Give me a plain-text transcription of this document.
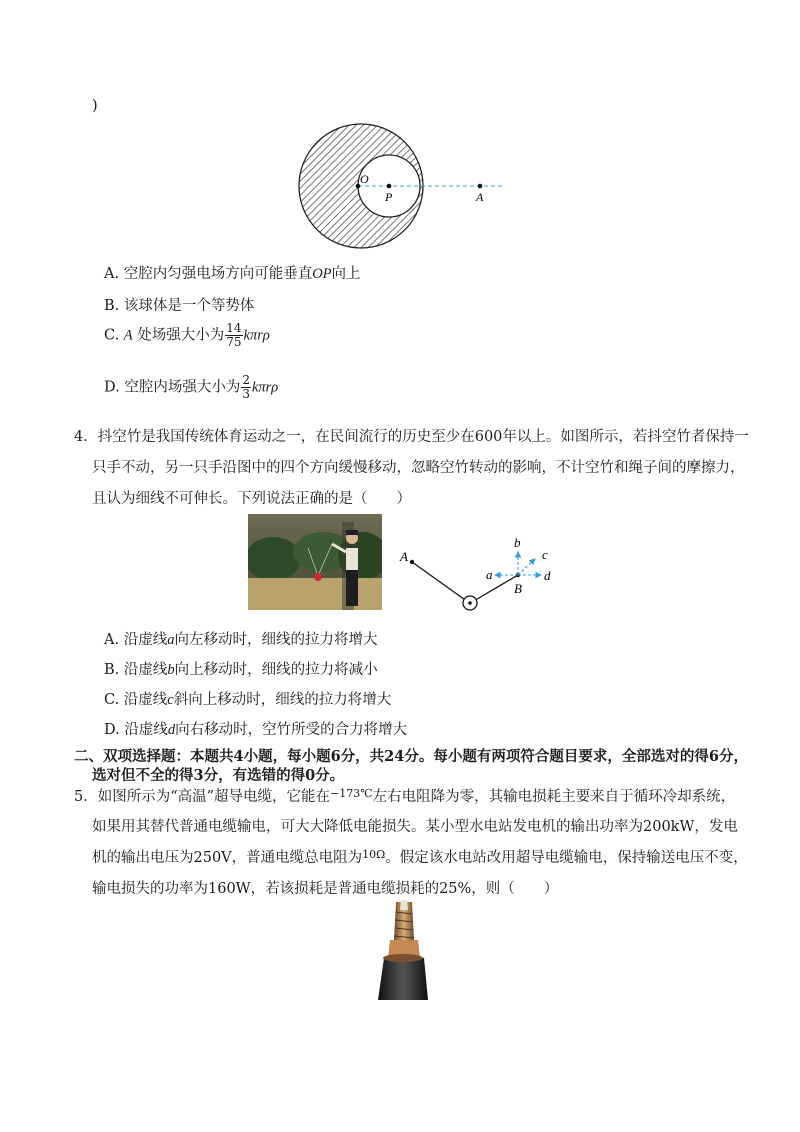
)
O
P	A
A. 空腔内匀强电场方向可能垂直OP向上
B. 该球体是一个等势体
C. A 处场强大小为 $\frac{14}{75}$ kπrρ
D. 空腔内场强大小为 $\frac{2}{3}$ kπrρ
4．抖空竹是我国传统体育运动之一，在民间流行的历史至少在600年以上。如图所示，若抖空竹者保持一
只手不动，另一只手沿图中的四个方向缓慢移动，忽略空竹转动的影响，不计空竹和绳子间的摩擦力，
且认为细线不可伸长。下列说法正确的是（　　）
A
B
a
b
c
d
A. 沿虚线a向左移动时，细线的拉力将增大
B. 沿虚线b向上移动时，细线的拉力将减小
C. 沿虚线c斜向上移动时，细线的拉力将增大
D. 沿虚线d向右移动时，空竹所受的合力将增大
二、双项选择题：本题共4小题，每小题6分，共24分。每小题有两项符合题目要求，全部选对的得6分，
选对但不全的得3分，有选错的得0分。
5．如图所示为“高温”超导电缆，它能在$^{-173℃}$左右电阻降为零，其输电损耗主要来自于循环冷却系统，
如果用其替代普通电缆输电，可大大降低电能损失。某小型水电站发电机的输出功率为200kW，发电
机的输出电压为250V，普通电缆总电阻为$^{10\Omega}$。假定该水电站改用超导电缆输电，保持输送电压不变，
输电损失的功率为160W，若该损耗是普通电缆损耗的25%，则（　　）
